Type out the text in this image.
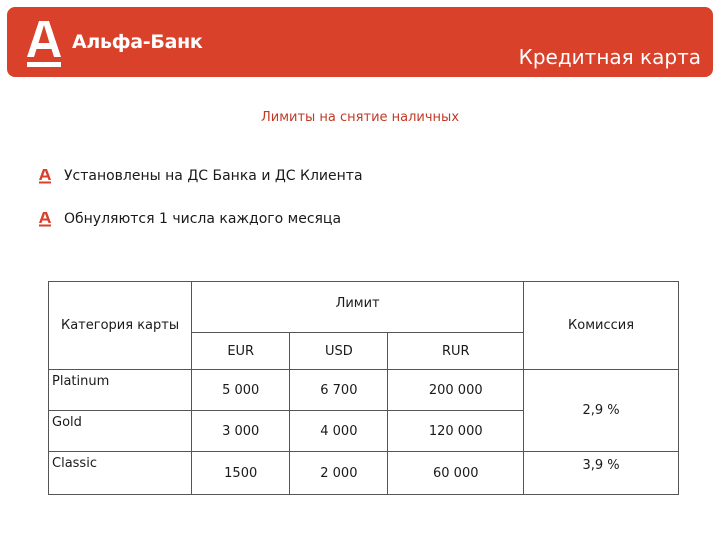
Альфа-Банк
Кредитная карта
Лимиты на снятие наличных
Установлены на ДС Банка и ДС Клиента
Обнуляются 1 числа каждого месяца
Категория карты	Лимит			Комиссия
	EUR	USD	RUR	
Platinum	5 000	6 700	200 000	2,9 %
Gold	3 000	4 000	120 000	
Classic	1500	2 000	60 000	3,9 %
